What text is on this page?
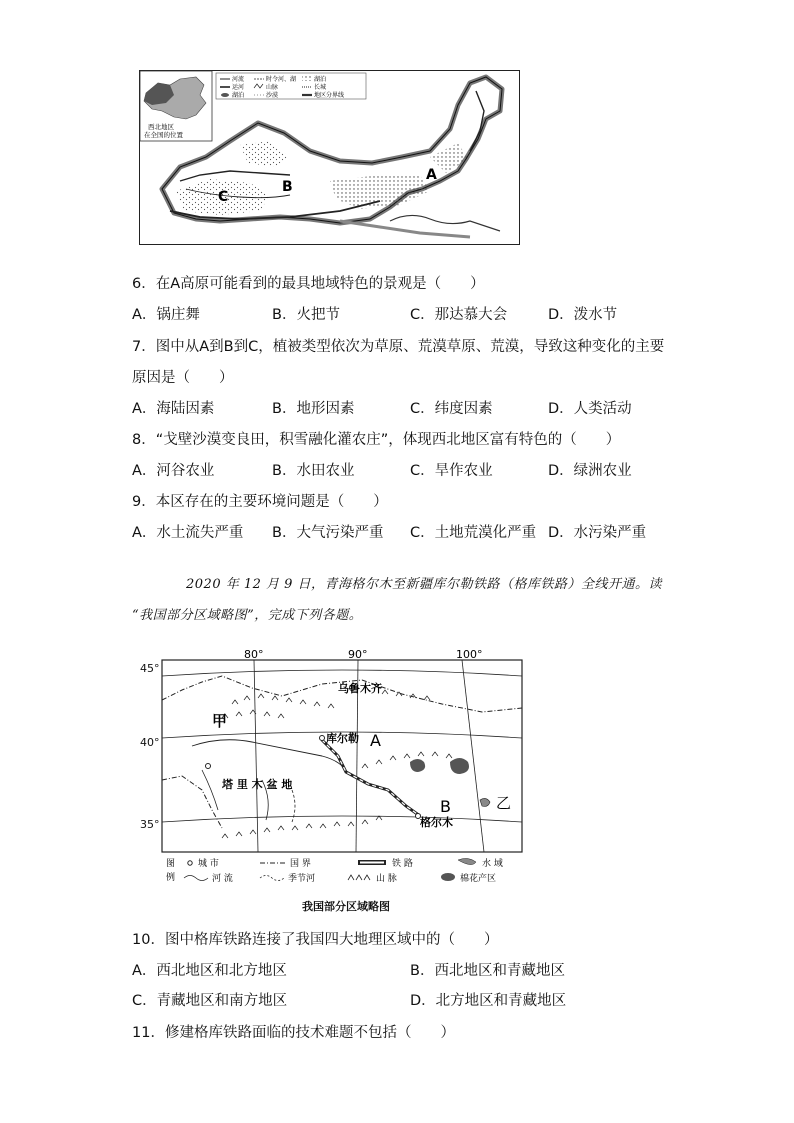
西北地区
在全国的位置
河流	时令河、湖	湖泊
运河	山脉	长城
湖泊	沙漠	地区分界线
A
B
C
6．在A高原可能看到的最具地域特色的景观是（　　）
A．锅庄舞	B．火把节	C．那达慕大会	D．泼水节
7．图中从A到B到C，植被类型依次为草原、荒漠草原、荒漠，导致这种变化的主要
原因是（　　）
A．海陆因素	B．地形因素	C．纬度因素	D．人类活动
8．“戈壁沙漠变良田，积雪融化灌农庄”，体现西北地区富有特色的（　　）
A．河谷农业	B．水田农业	C．旱作农业	D．绿洲农业
9．本区存在的主要环境问题是（　　）
A．水土流失严重 B．大气污染严重 C．土地荒漠化严重 D．水污染严重
2020 年 12 月 9 日，青海格尔木至新疆库尔勒铁路（格库铁路）全线开通。读
“我国部分区域略图”，完成下列各题。
80°	90°	100°
乌鲁木齐
库尔勒 A
甲
塔 里 木 盆 地
B
格尔木
乙
图
例
城 市	国 界	铁 路	水 域
河 流	季节河	山 脉	棉花产区
45°
40°
35°
我国部分区域略图
10．图中格库铁路连接了我国四大地理区域中的（　　）
A．西北地区和北方地区	B．西北地区和青藏地区
C．青藏地区和南方地区	D．北方地区和青藏地区
11．修建格库铁路面临的技术难题不包括（　　）
